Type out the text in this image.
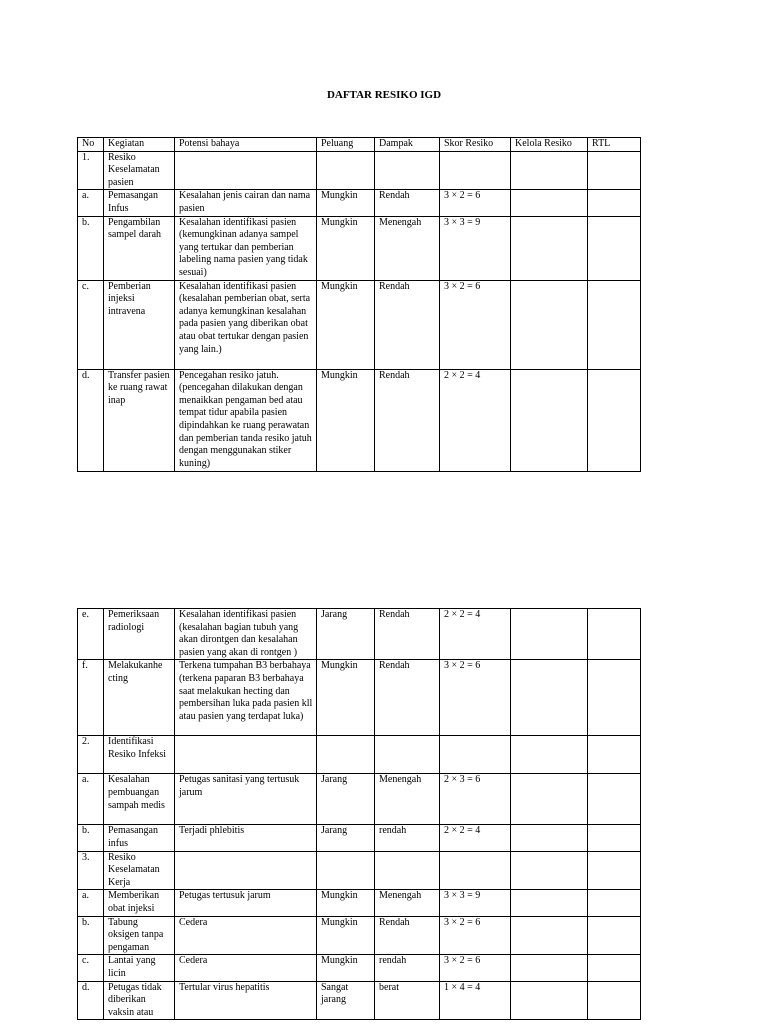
DAFTAR RESIKO IGD
No	Kegiatan	Potensi bahaya	Peluang	Dampak	Skor Resiko	Kelola Resiko	RTL
1.	Resiko Keselamatan pasien						
a.	Pemasangan Infus	Kesalahan jenis cairan dan nama pasien	Mungkin	Rendah	3 × 2 = 6		
b.	Pengambilan sampel darah	Kesalahan identifikasi pasien (kemungkinan adanya sampel yang tertukar dan pemberian labeling nama pasien yang tidak sesuai)	Mungkin	Menengah	3 × 3 = 9		
c.	Pemberian injeksi intravena	Kesalahan identifikasi pasien (kesalahan pemberian obat, serta adanya kemungkinan kesalahan pada pasien yang diberikan obat atau obat tertukar dengan pasien yang lain.)	Mungkin	Rendah	3 × 2 = 6		
d.	Transfer pasien ke ruang rawat inap	Pencegahan resiko jatuh. (pencegahan dilakukan dengan menaikkan pengaman bed atau tempat tidur apabila pasien dipindahkan ke ruang perawatan dan pemberian tanda resiko jatuh dengan menggunakan stiker kuning)	Mungkin	Rendah	2 × 2 = 4		
e.	Pemeriksaan radiologi	Kesalahan identifikasi pasien (kesalahan bagian tubuh yang akan dirontgen dan kesalahan pasien yang akan di rontgen )	Jarang	Rendah	2 × 2 = 4		
f.	Melakukanhe cting	Terkena tumpahan B3 berbahaya (terkena paparan B3 berbahaya saat melakukan hecting dan pembersihan luka pada pasien kll atau pasien yang terdapat luka)	Mungkin	Rendah	3 × 2 = 6		
2.	Identifikasi Resiko Infeksi						
a.	Kesalahan pembuangan sampah medis	Petugas sanitasi yang tertusuk jarum	Jarang	Menengah	2 × 3 = 6		
b.	Pemasangan infus	Terjadi phlebitis	Jarang	rendah	2 × 2 = 4		
3.	Resiko Keselamatan Kerja						
a.	Memberikan obat injeksi	Petugas tertusuk jarum	Mungkin	Menengah	3 × 3 = 9		
b.	Tabung oksigen tanpa pengaman	Cedera	Mungkin	Rendah	3 × 2 = 6		
c.	Lantai yang licin	Cedera	Mungkin	rendah	3 × 2 = 6		
d.	Petugas tidak diberikan vaksin atau	Tertular virus hepatitis	Sangat jarang	berat	1 × 4 = 4		
